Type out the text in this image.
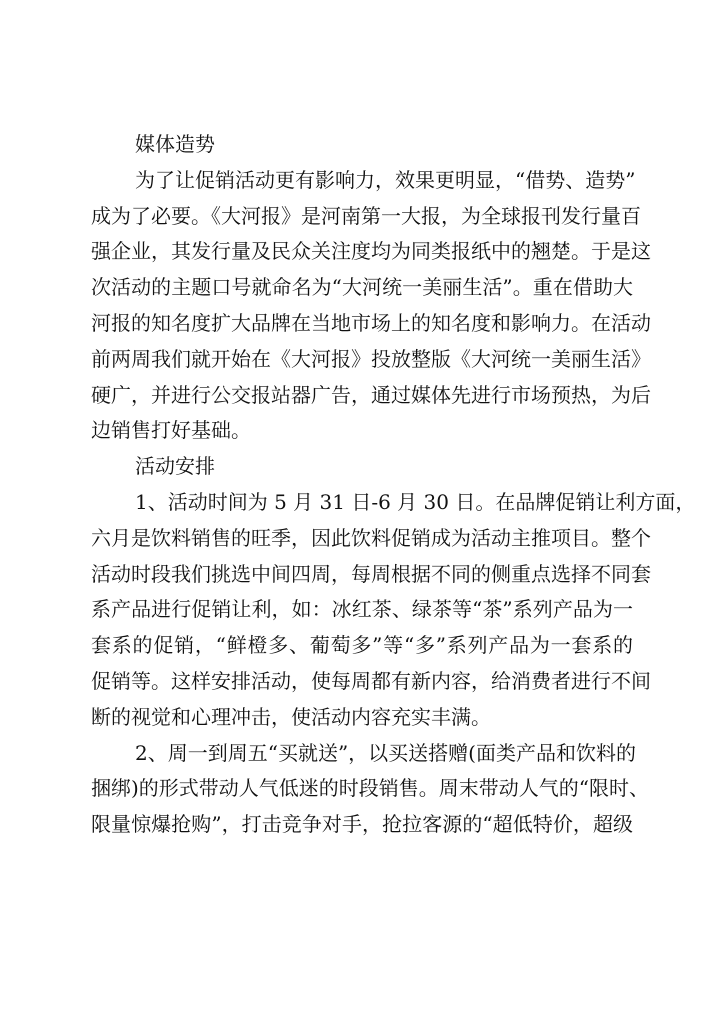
媒体造势
为了让促销活动更有影响力，效果更明显，“借势、造势”
成为了必要。《大河报》是河南第一大报，为全球报刊发行量百
强企业，其发行量及民众关注度均为同类报纸中的翘楚。于是这
次活动的主题口号就命名为“大河统一美丽生活”。重在借助大
河报的知名度扩大品牌在当地市场上的知名度和影响力。在活动
前两周我们就开始在《大河报》投放整版《大河统一美丽生活》
硬广，并进行公交报站器广告，通过媒体先进行市场预热，为后
边销售打好基础。
活动安排
1、活动时间为 5 月 31 日-6 月 30 日。在品牌促销让利方面，
六月是饮料销售的旺季，因此饮料促销成为活动主推项目。整个
活动时段我们挑选中间四周，每周根据不同的侧重点选择不同套
系产品进行促销让利，如：冰红茶、绿茶等“茶”系列产品为一
套系的促销，“鲜橙多、葡萄多”等“多”系列产品为一套系的
促销等。这样安排活动，使每周都有新内容，给消费者进行不间
断的视觉和心理冲击，使活动内容充实丰满。
2、周一到周五“买就送”，以买送搭赠(面类产品和饮料的
捆绑)的形式带动人气低迷的时段销售。周末带动人气的“限时、
限量惊爆抢购”，打击竞争对手，抢拉客源的“超低特价，超级
